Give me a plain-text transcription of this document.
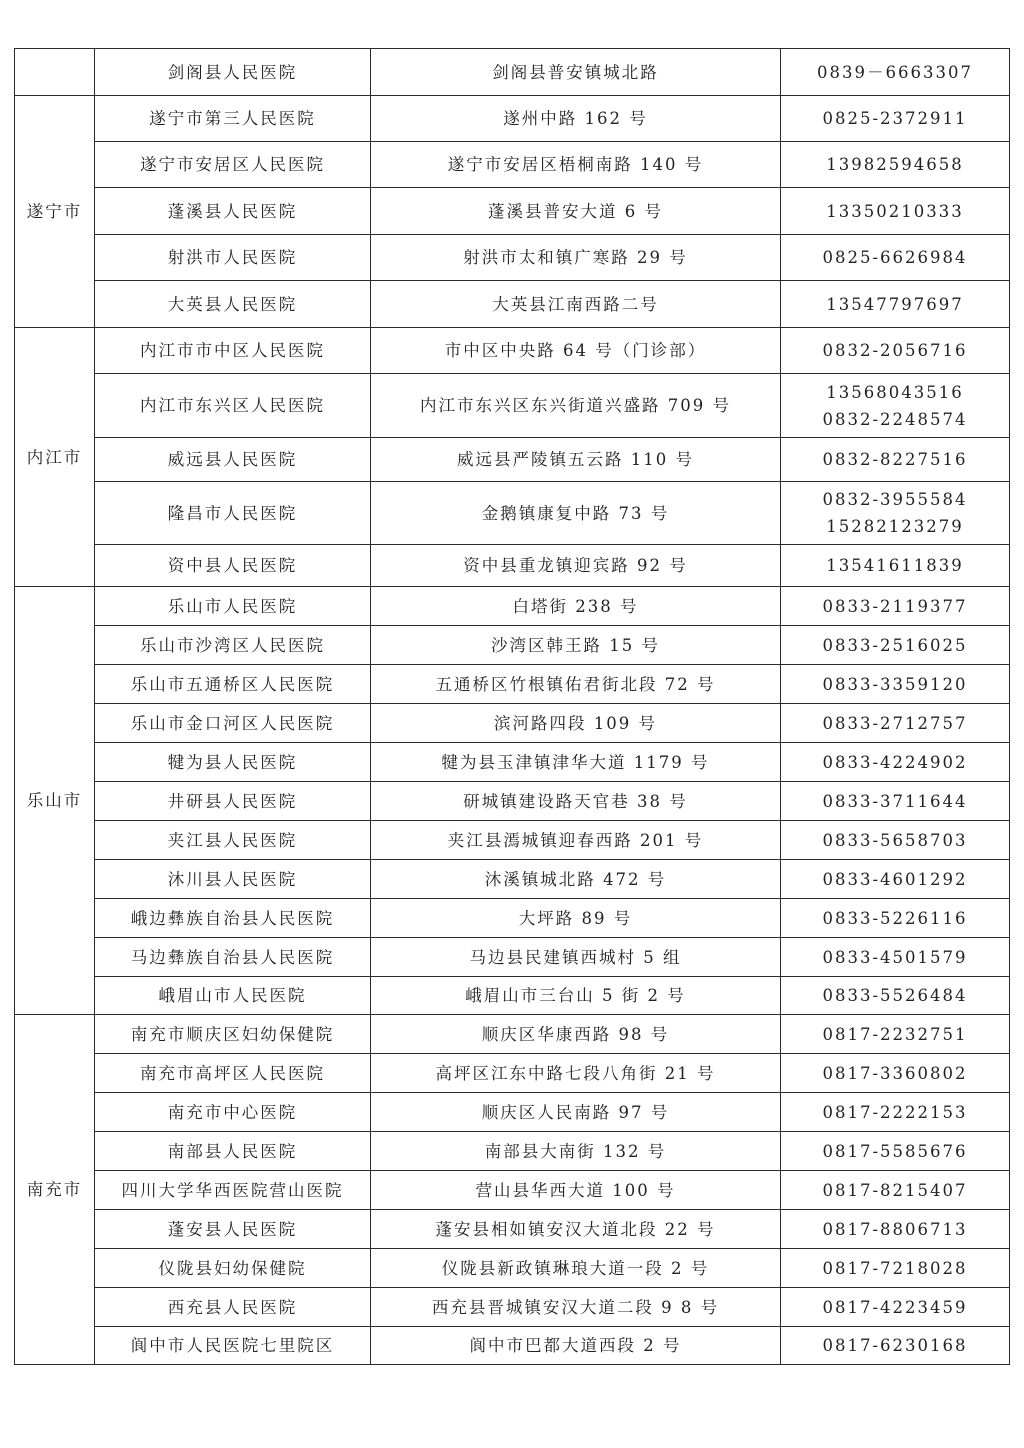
	剑阁县人民医院	剑阁县普安镇城北路	0839－6663307

遂宁市	遂宁市第三人民医院	遂州中路 162 号	0825-2372911

	遂宁市安居区人民医院	遂宁市安居区梧桐南路 140 号	13982594658

	蓬溪县人民医院	蓬溪县普安大道 6 号	13350210333

	射洪市人民医院	射洪市太和镇广寒路 29 号	0825-6626984

	大英县人民医院	大英县江南西路二号	13547797697

内江市	内江市市中区人民医院	市中区中央路 64 号（门诊部）	0832-2056716

	内江市东兴区人民医院	内江市东兴区东兴街道兴盛路 709 号	13568043516
0832-2248574

	威远县人民医院	威远县严陵镇五云路 110 号	0832-8227516

	隆昌市人民医院	金鹅镇康复中路 73 号	0832-3955584
15282123279

	资中县人民医院	资中县重龙镇迎宾路 92 号	13541611839

乐山市	乐山市人民医院	白塔街 238 号	0833-2119377

	乐山市沙湾区人民医院	沙湾区韩王路 15 号	0833-2516025

	乐山市五通桥区人民医院	五通桥区竹根镇佑君街北段 72 号	0833-3359120

	乐山市金口河区人民医院	滨河路四段 109 号	0833-2712757

	犍为县人民医院	犍为县玉津镇津华大道 1179 号	0833-4224902

	井研县人民医院	研城镇建设路天官巷 38 号	0833-3711644

	夹江县人民医院	夹江县漹城镇迎春西路 201 号	0833-5658703

	沐川县人民医院	沐溪镇城北路 472 号	0833-4601292

	峨边彝族自治县人民医院	大坪路 89 号	0833-5226116

	马边彝族自治县人民医院	马边县民建镇西城村 5 组	0833-4501579

	峨眉山市人民医院	峨眉山市三台山 5 街 2 号	0833-5526484

南充市	南充市顺庆区妇幼保健院	顺庆区华康西路 98 号	0817-2232751

	南充市高坪区人民医院	高坪区江东中路七段八角街 21 号	0817-3360802

	南充市中心医院	顺庆区人民南路 97 号	0817-2222153

	南部县人民医院	南部县大南街 132 号	0817-5585676

	四川大学华西医院营山医院	营山县华西大道 100 号	0817-8215407

	蓬安县人民医院	蓬安县相如镇安汉大道北段 22 号	0817-8806713

	仪陇县妇幼保健院	仪陇县新政镇琳琅大道一段 2 号	0817-7218028

	西充县人民医院	西充县晋城镇安汉大道二段 9 8 号	0817-4223459

	阆中市人民医院七里院区	阆中市巴都大道西段 2 号	0817-6230168
